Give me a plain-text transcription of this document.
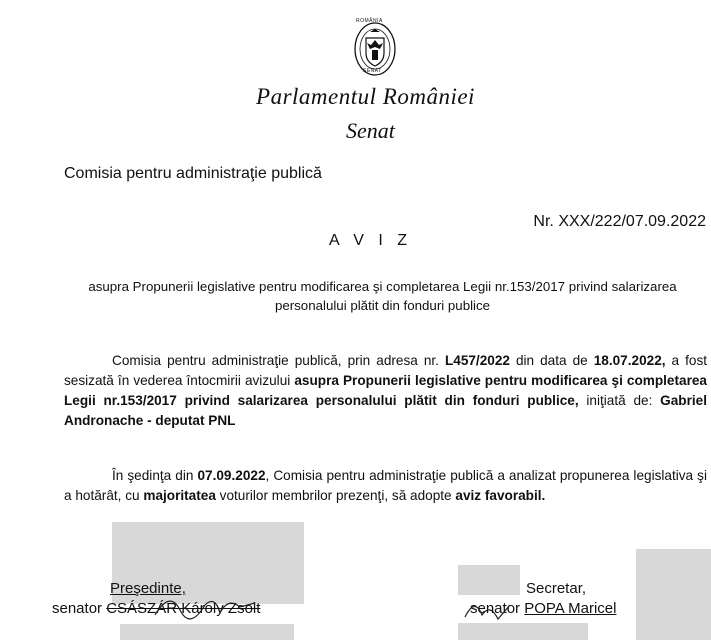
ROMÂNIA
SENAT
Parlamentul României
Senat
Comisia pentru administraţie publică
Nr. XXX/222/07.09.2022
A V I Z
asupra Propunerii legislative pentru modificarea şi completarea Legii nr.153/2017 privind salarizarea
personalului plătit din fonduri publice
Comisia pentru administraţie publică, prin adresa nr. L457/2022 din data de 18.07.2022, a fost sesizată în vederea întocmirii avizului asupra Propunerii legislative pentru modificarea şi completarea Legii nr.153/2017 privind salarizarea personalului plătit din fonduri publice, iniţiată de: Gabriel Andronache - deputat PNL
În şedinţa din 07.09.2022, Comisia pentru administraţie publică a analizat propunerea legislativa şi a hotărât, cu majoritatea voturilor membrilor prezenţi, să adopte aviz favorabil.
Preşedinte,
senator CSÁSZÁR Károly Zsolt
Secretar,
senator POPA Maricel
